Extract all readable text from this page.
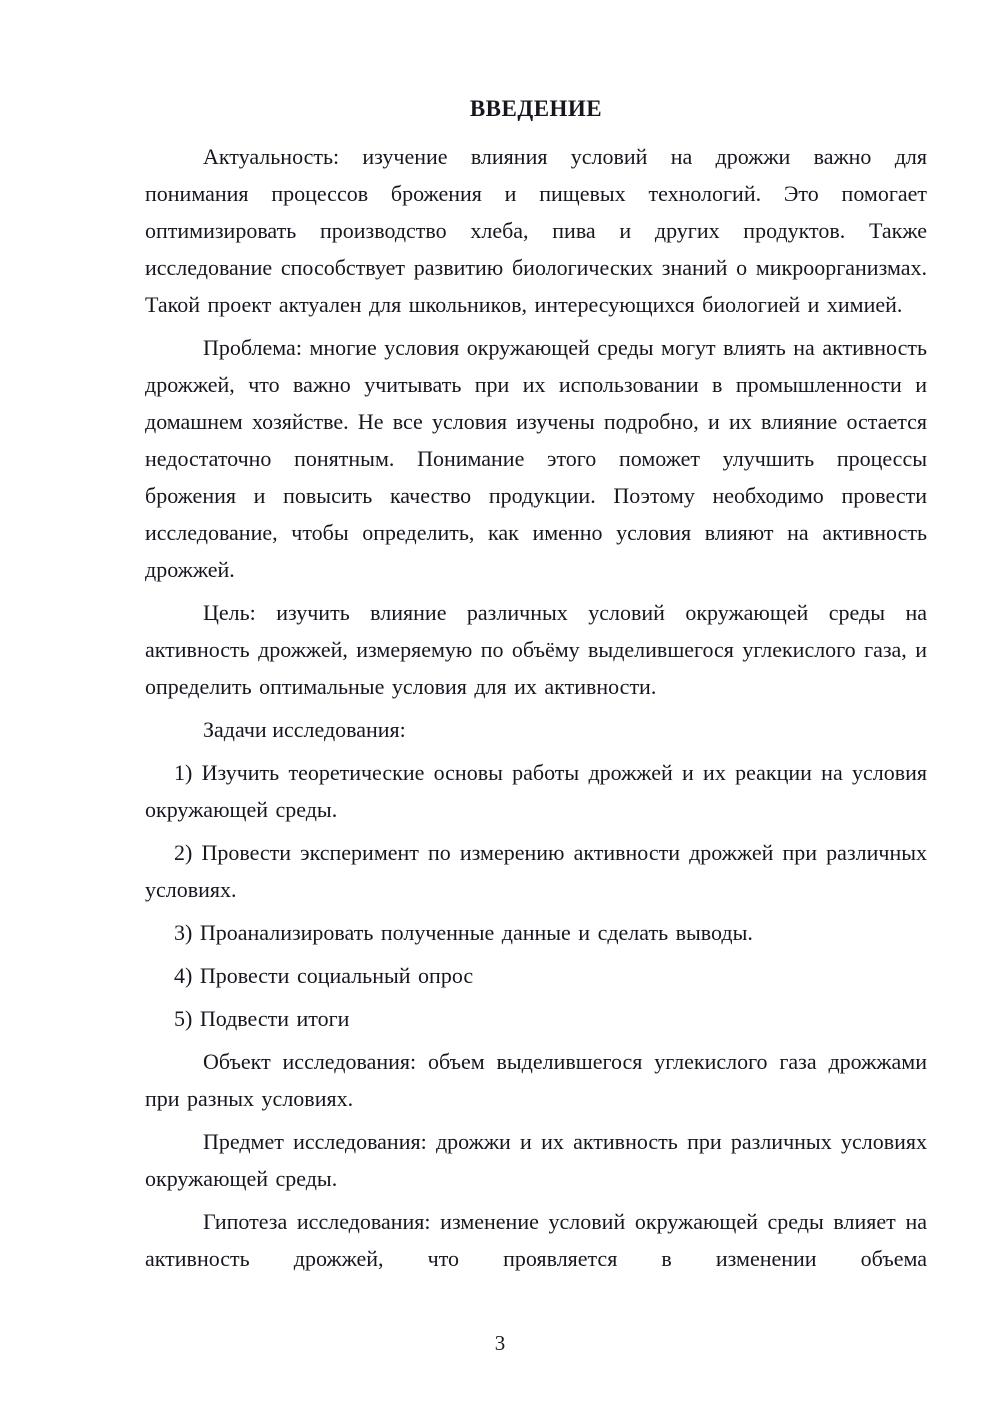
ВВЕДЕНИЕ

Актуальность: изучение влияния условий на дрожжи важно для понимания процессов брожения и пищевых технологий. Это помогает оптимизировать производство хлеба, пива и других продуктов. Также исследование способствует развитию биологических знаний о микроорганизмах. Такой проект актуален для школьников, интересующихся биологией и химией.

Проблема: многие условия окружающей среды могут влиять на активность дрожжей, что важно учитывать при их использовании в промышленности и домашнем хозяйстве. Не все условия изучены подробно, и их влияние остается недостаточно понятным. Понимание этого поможет улучшить процессы брожения и повысить качество продукции. Поэтому необходимо провести исследование, чтобы определить, как именно условия влияют на активность дрожжей.

Цель: изучить влияние различных условий окружающей среды на активность дрожжей, измеряемую по объёму выделившегося углекислого газа, и определить оптимальные условия для их активности.

Задачи исследования:

1) Изучить теоретические основы работы дрожжей и их реакции на условия окружающей среды.

2) Провести эксперимент по измерению активности дрожжей при различных условиях.

3) Проанализировать полученные данные и сделать выводы.

4) Провести социальный опрос

5) Подвести итоги

Объект исследования: объем выделившегося углекислого газа дрожжами при разных условиях.

Предмет исследования: дрожжи и их активность при различных условиях окружающей среды.

Гипотеза исследования: изменение условий окружающей среды влияет на активность дрожжей, что проявляется в изменении объема

3
